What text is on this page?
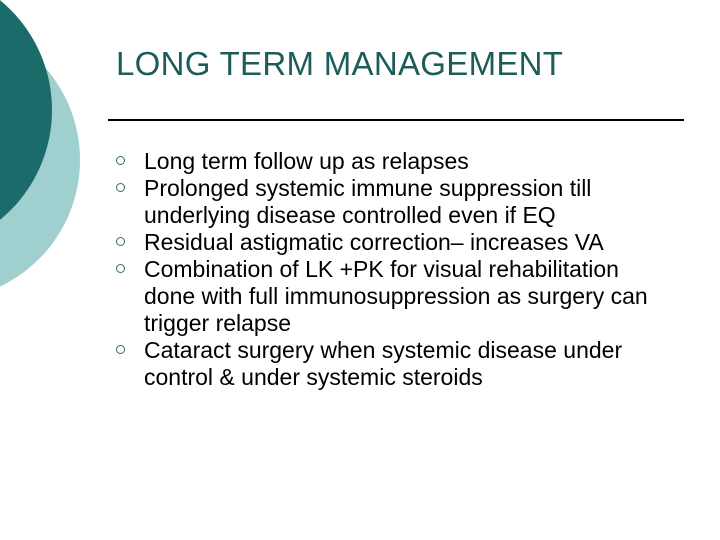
LONG TERM MANAGEMENT
Long term follow up as relapses
Prolonged systemic immune suppression till underlying disease controlled even if EQ
Residual astigmatic correction– increases VA
Combination of LK +PK for visual rehabilitation done with full immunosuppression as surgery can trigger relapse
Cataract surgery when systemic disease under control & under systemic steroids
